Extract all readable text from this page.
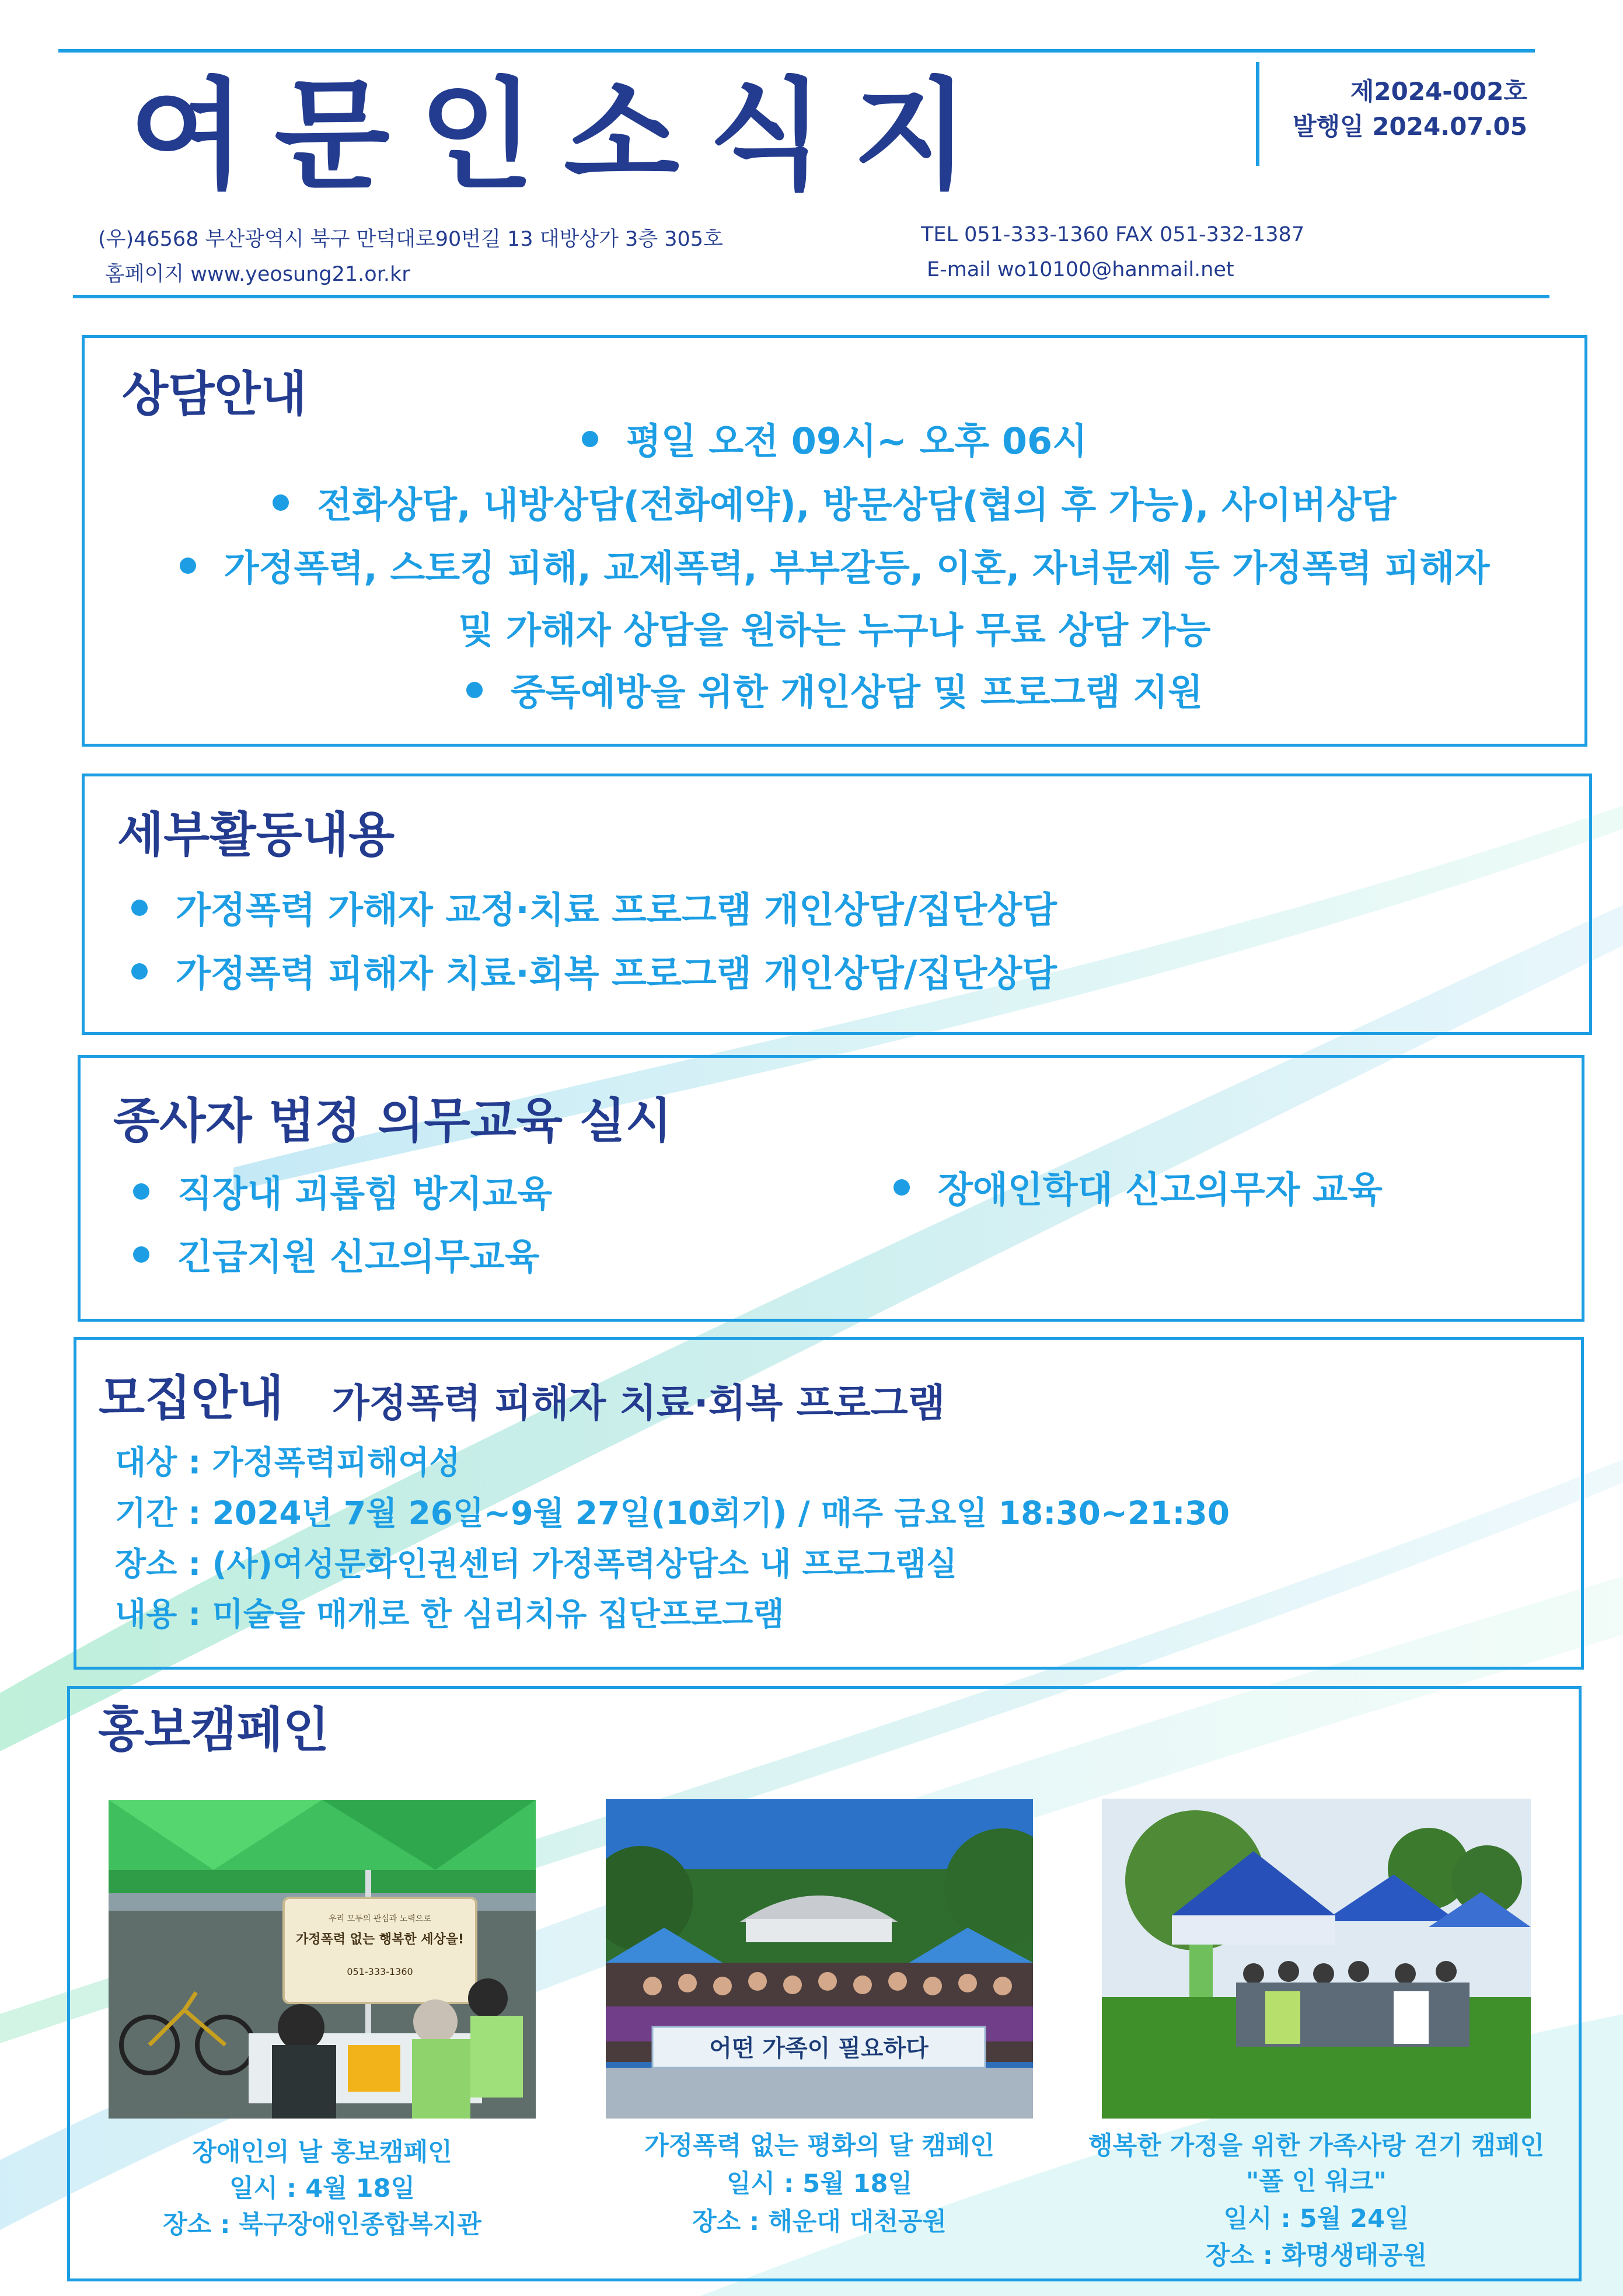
여문인소식지	제2024-002호
발행일 2024.07.05
(우)46568 부산광역시 북구 만덕대로90번길 13 대방상가 3층 305호
홈페이지 www.yeosung21.or.kr
TEL 051-333-1360 FAX 051-332-1387
E-mail wo10100@hanmail.net
상담안내
평일 오전 09시~ 오후 06시
전화상담, 내방상담(전화예약), 방문상담(협의 후 가능), 사이버상담
가정폭력, 스토킹 피해, 교제폭력, 부부갈등, 이혼, 자녀문제 등 가정폭력 피해자
및 가해자 상담을 원하는 누구나 무료 상담 가능
중독예방을 위한 개인상담 및 프로그램 지원
세부활동내용
가정폭력 가해자 교정·치료 프로그램 개인상담/집단상담
가정폭력 피해자 치료·회복 프로그램 개인상담/집단상담
종사자 법정 의무교육 실시
직장내 괴롭힘 방지교육
긴급지원 신고의무교육
장애인학대 신고의무자 교육
모집안내 가정폭력 피해자 치료·회복 프로그램
대상 : 가정폭력피해여성
기간 : 2024년 7월 26일~9월 27일(10회기) / 매주 금요일 18:30~21:30
장소 : (사)여성문화인권센터 가정폭력상담소 내 프로그램실
내용 : 미술을 매개로 한 심리치유 집단프로그램
홍보캠페인
우리 모두의 관심과 노력으로
가정폭력 없는 행복한 세상을!
051-333-1360
어떤 가족이 필요하다
장애인의 날 홍보캠페인
일시 : 4월 18일
장소 : 북구장애인종합복지관
가정폭력 없는 평화의 달 캠페인
일시 : 5월 18일
장소 : 해운대 대천공원
행복한 가정을 위한 가족사랑 걷기 캠페인
"폴 인 워크"
일시 : 5월 24일
장소 : 화명생태공원
